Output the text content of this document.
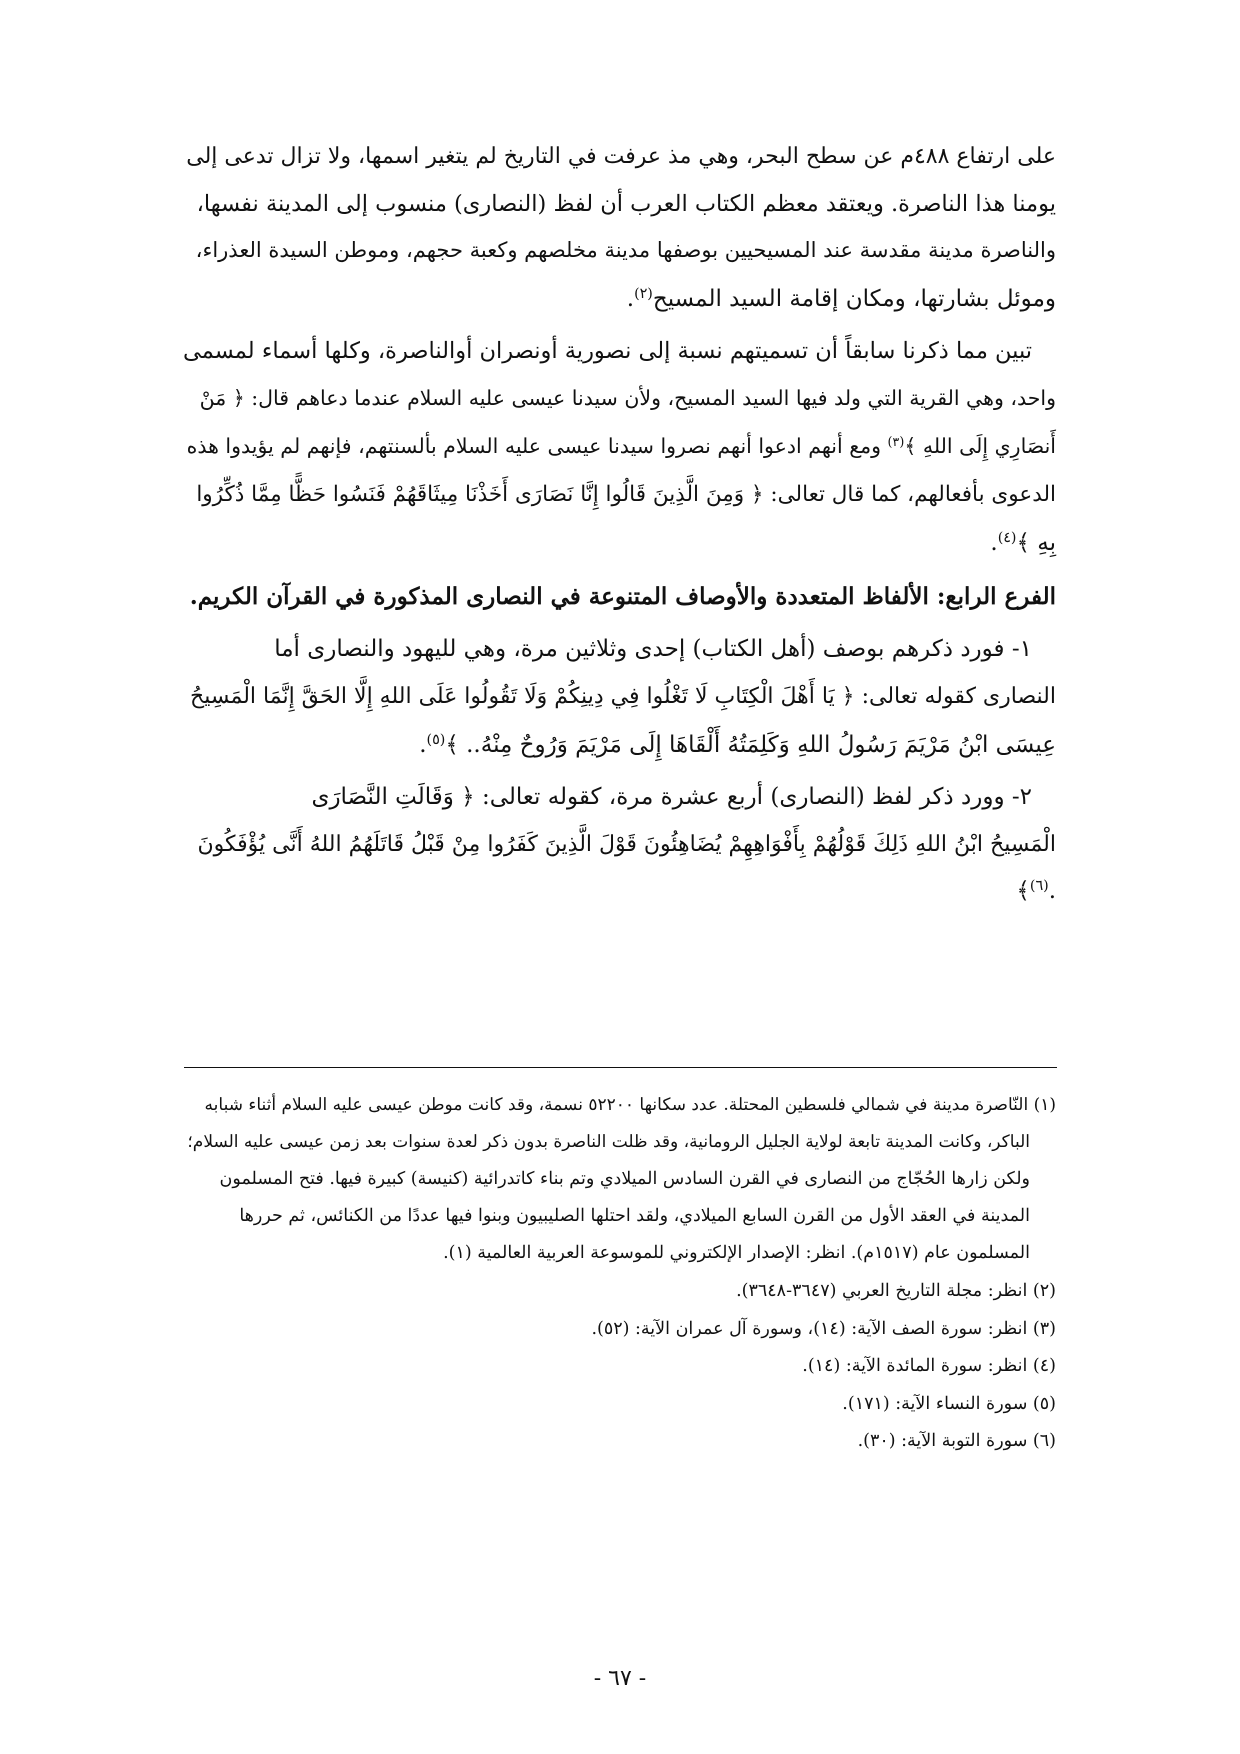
على ارتفاع ٤٨٨م عن سطح البحر، وهي مذ عرفت في التاريخ لم يتغير اسمها، ولا تزال تدعى إلى
يومنا هذا الناصرة. ويعتقد معظم الكتاب العرب أن لفظ (النصارى) منسوب إلى المدينة نفسها،
والناصرة مدينة مقدسة عند المسيحيين بوصفها مدينة مخلصهم وكعبة حجهم، وموطن السيدة العذراء،
وموئل بشارتها، ومكان إقامة السيد المسيح$^{(٢)}$.
تبين مما ذكرنا سابقاً أن تسميتهم نسبة إلى نصورية أونصران أوالناصرة، وكلها أسماء لمسمى
واحد، وهي القرية التي ولد فيها السيد المسيح، ولأن سيدنا عيسى عليه السلام عندما دعاهم قال: ﴿ مَنْ
أَنصَارِي إِلَى اللهِ ﴾$^{(٣)}$ ومع أنهم ادعوا أنهم نصروا سيدنا عيسى عليه السلام بألسنتهم، فإنهم لم يؤيدوا هذه
الدعوى بأفعالهم، كما قال تعالى: ﴿ وَمِنَ الَّذِينَ قَالُوا إِنَّا نَصَارَى أَخَذْنَا مِيثَاقَهُمْ فَنَسُوا حَظًّا مِمَّا ذُكِّرُوا
بِهِ ﴾$^{(٤)}$.
الفرع الرابع: الألفاظ المتعددة والأوصاف المتنوعة في النصارى المذكورة في القرآن الكريم.
١- فورد ذكرهم بوصف (أهل الكتاب) إحدى وثلاثين مرة، وهي لليهود والنصارى أما
النصارى كقوله تعالى: ﴿ يَا أَهْلَ الْكِتَابِ لَا تَغْلُوا فِي دِينِكُمْ وَلَا تَقُولُوا عَلَى اللهِ إِلَّا الحَقَّ إِنَّمَا الْمَسِيحُ
عِيسَى ابْنُ مَرْيَمَ رَسُولُ اللهِ وَكَلِمَتُهُ أَلْقَاهَا إِلَى مَرْيَمَ وَرُوحٌ مِنْهُ.. ﴾$^{(٥)}$.
٢- وورد ذكر لفظ (النصارى) أربع عشرة مرة، كقوله تعالى: ﴿ وَقَالَتِ النَّصَارَى
الْمَسِيحُ ابْنُ اللهِ ذَلِكَ قَوْلُهُمْ بِأَفْوَاهِهِمْ يُضَاهِئُونَ قَوْلَ الَّذِينَ كَفَرُوا مِنْ قَبْلُ قَاتَلَهُمُ اللهُ أَنَّى يُؤْفَكُونَ
﴾$^{(٦)}$.
(١) النّاصرة مدينة في شمالي فلسطين المحتلة. عدد سكانها ٥٢٢٠٠ نسمة، وقد كانت موطن عيسى عليه السلام أثناء شبابه
الباكر، وكانت المدينة تابعة لولاية الجليل الرومانية، وقد ظلت الناصرة بدون ذكر لعدة سنوات بعد زمن عيسى عليه السلام؛
ولكن زارها الحُجّاج من النصارى في القرن السادس الميلادي وتم بناء كاتدرائية (كنيسة) كبيرة فيها. فتح المسلمون
المدينة في العقد الأول من القرن السابع الميلادي، ولقد احتلها الصليبيون وبنوا فيها عددًا من الكنائس، ثم حررها
المسلمون عام (١٥١٧م). انظر: الإصدار الإلكتروني للموسوعة العربية العالمية (١).
(٢) انظر: مجلة التاريخ العربي (٣٦٤٧-٣٦٤٨).
(٣) انظر: سورة الصف الآية: (١٤)، وسورة آل عمران الآية: (٥٢).
(٤) انظر: سورة المائدة الآية: (١٤).
(٥) سورة النساء الآية: (١٧١).
(٦) سورة التوبة الآية: (٣٠).
- ٦٧ -
